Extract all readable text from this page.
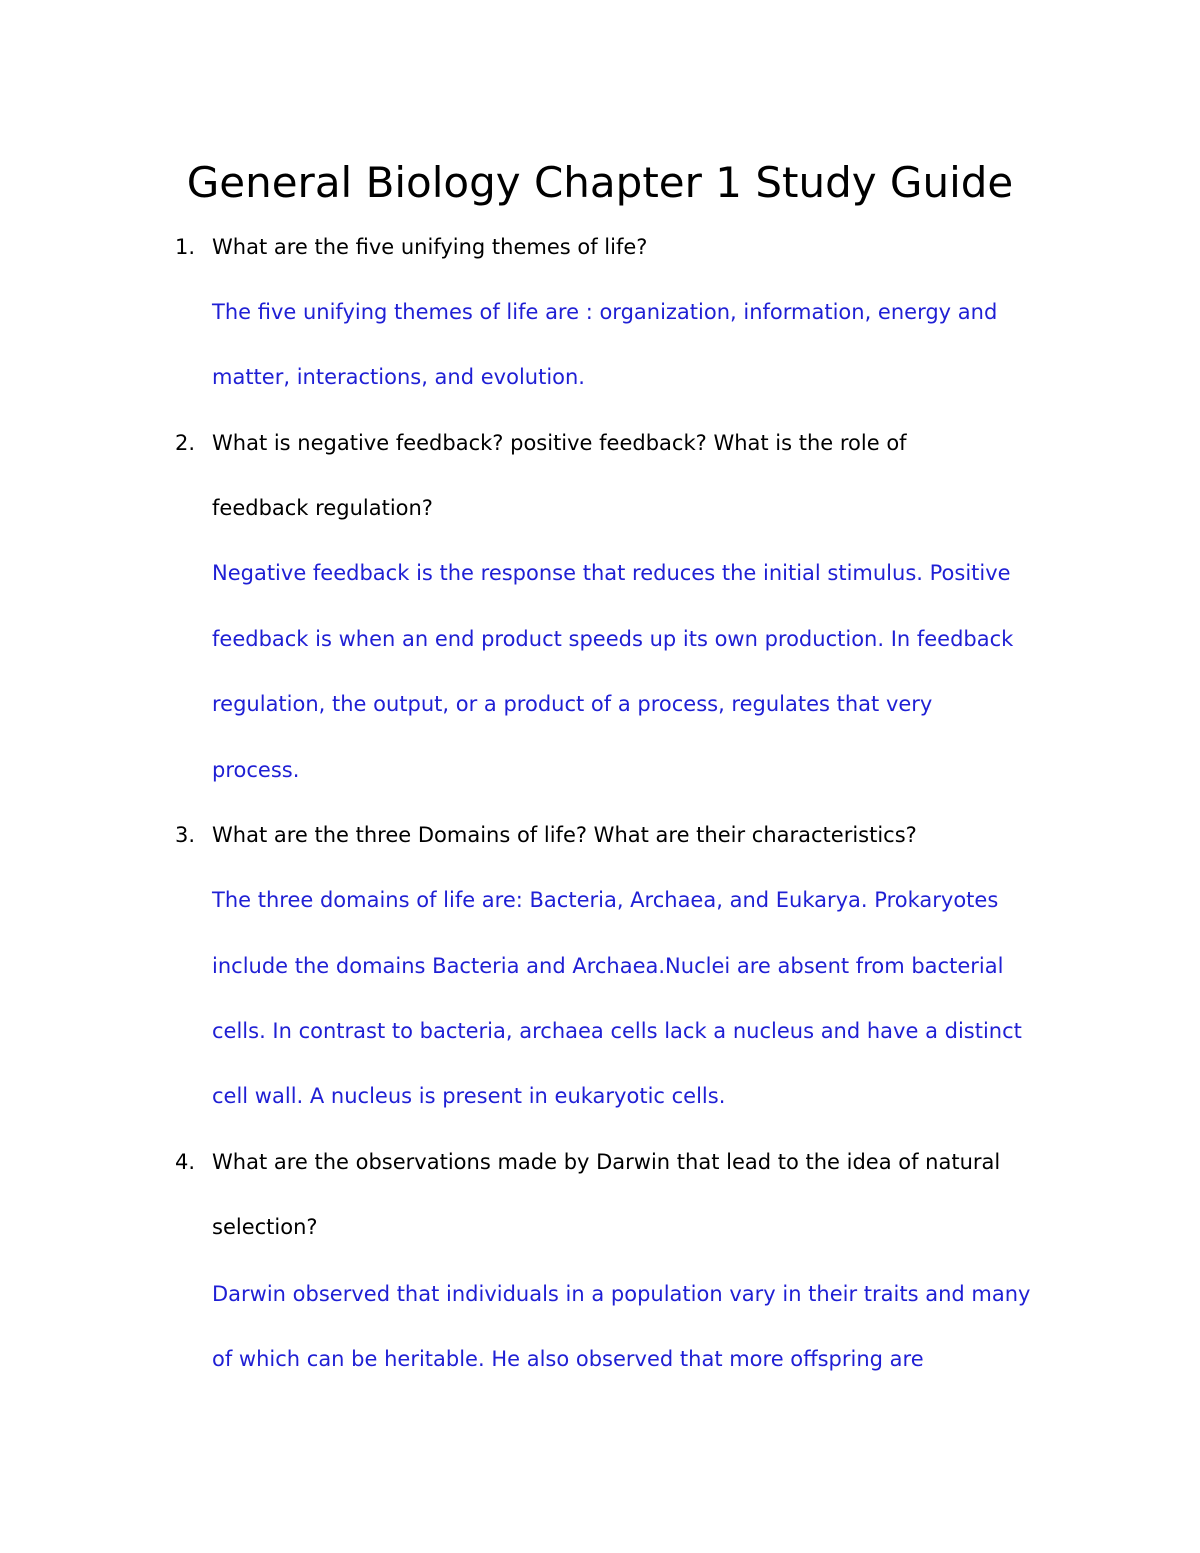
General Biology Chapter 1 Study Guide
1. What are the five unifying themes of life?
The five unifying themes of life are : organization, information, energy and
matter, interactions, and evolution.
2. What is negative feedback? positive feedback? What is the role of
feedback regulation?
Negative feedback is the response that reduces the initial stimulus. Positive
feedback is when an end product speeds up its own production. In feedback
regulation, the output, or a product of a process, regulates that very
process.
3. What are the three Domains of life? What are their characteristics?
The three domains of life are: Bacteria, Archaea, and Eukarya. Prokaryotes
include the domains Bacteria and Archaea.Nuclei are absent from bacterial
cells. In contrast to bacteria, archaea cells lack a nucleus and have a distinct
cell wall. A nucleus is present in eukaryotic cells.
4. What are the observations made by Darwin that lead to the idea of natural
selection?
Darwin observed that individuals in a population vary in their traits and many
of which can be heritable. He also observed that more offspring are
